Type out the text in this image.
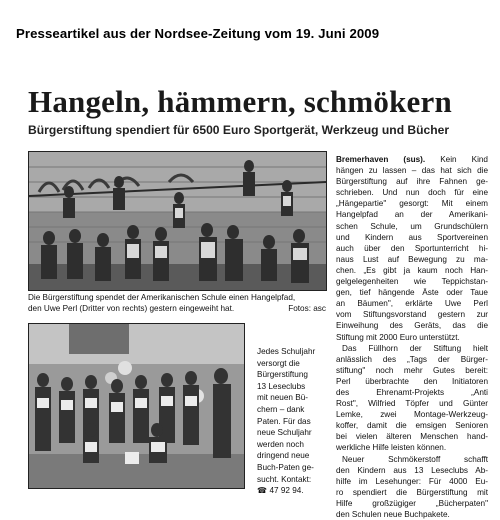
Presseartikel aus der Nordsee-Zeitung vom 19. Juni 2009
Hangeln, hämmern, schmökern
Bürgerstiftung spendiert für 6500 Euro Sportgerät, Werkzeug und Bücher
Die Bürgerstiftung spendet der Amerikanischen Schule einen Hangelpfad,
den Uwe Perl (Dritter von rechts) gestern eingeweiht hat.	Fotos: asc
Jedes Schuljahr
versorgt die
Bürgerstiftung
13 Leseclubs
mit neuen Bü-
chern – dank
Paten. Für das
neue Schuljahr
werden noch
dringend neue
Buch-Paten ge-
sucht. Kontakt:
☎ 47 92 94.
Bremerhaven (sus). Kein Kind
hängen zu lassen – das hat sich die
Bürgerstiftung auf ihre Fahnen ge-
schrieben. Und nun doch für eine
„Hängepartie" gesorgt: Mit einem
Hangelpfad an der Amerikani-
schen Schule, um Grundschülern
und Kindern aus Sportvereinen
auch über den Sportunterricht hi-
naus Lust auf Bewegung zu ma-
chen. „Es gibt ja kaum noch Han-
gelgelegenheiten wie Teppichstan-
gen, tief hängende Äste oder Taue
an Bäumen", erklärte Uwe Perl
vom Stiftungsvorstand gestern zur
Einweihung des Geräts, das die
Stiftung mit 2000 Euro unterstützt.
Das Füllhorn der Stiftung hielt
anlässlich des „Tags der Bürger-
stiftung" noch mehr Gutes bereit:
Perl überbrachte den Initiatoren
des Ehrenamt-Projekts „Anti
Rost", Wilfried Töpfer und Günter
Lemke, zwei Montage-Werkzeug-
koffer, damit die emsigen Senioren
bei vielen älteren Menschen hand-
werkliche Hilfe leisten können.
Neuer Schmökerstoff schafft
den Kindern aus 13 Leseclubs Ab-
hilfe im Lesehunger: Für 4000 Eu-
ro spendiert die Bürgerstiftung mit
Hilfe großzügiger „Bücherpaten"
den Schulen neue Buchpakete.
